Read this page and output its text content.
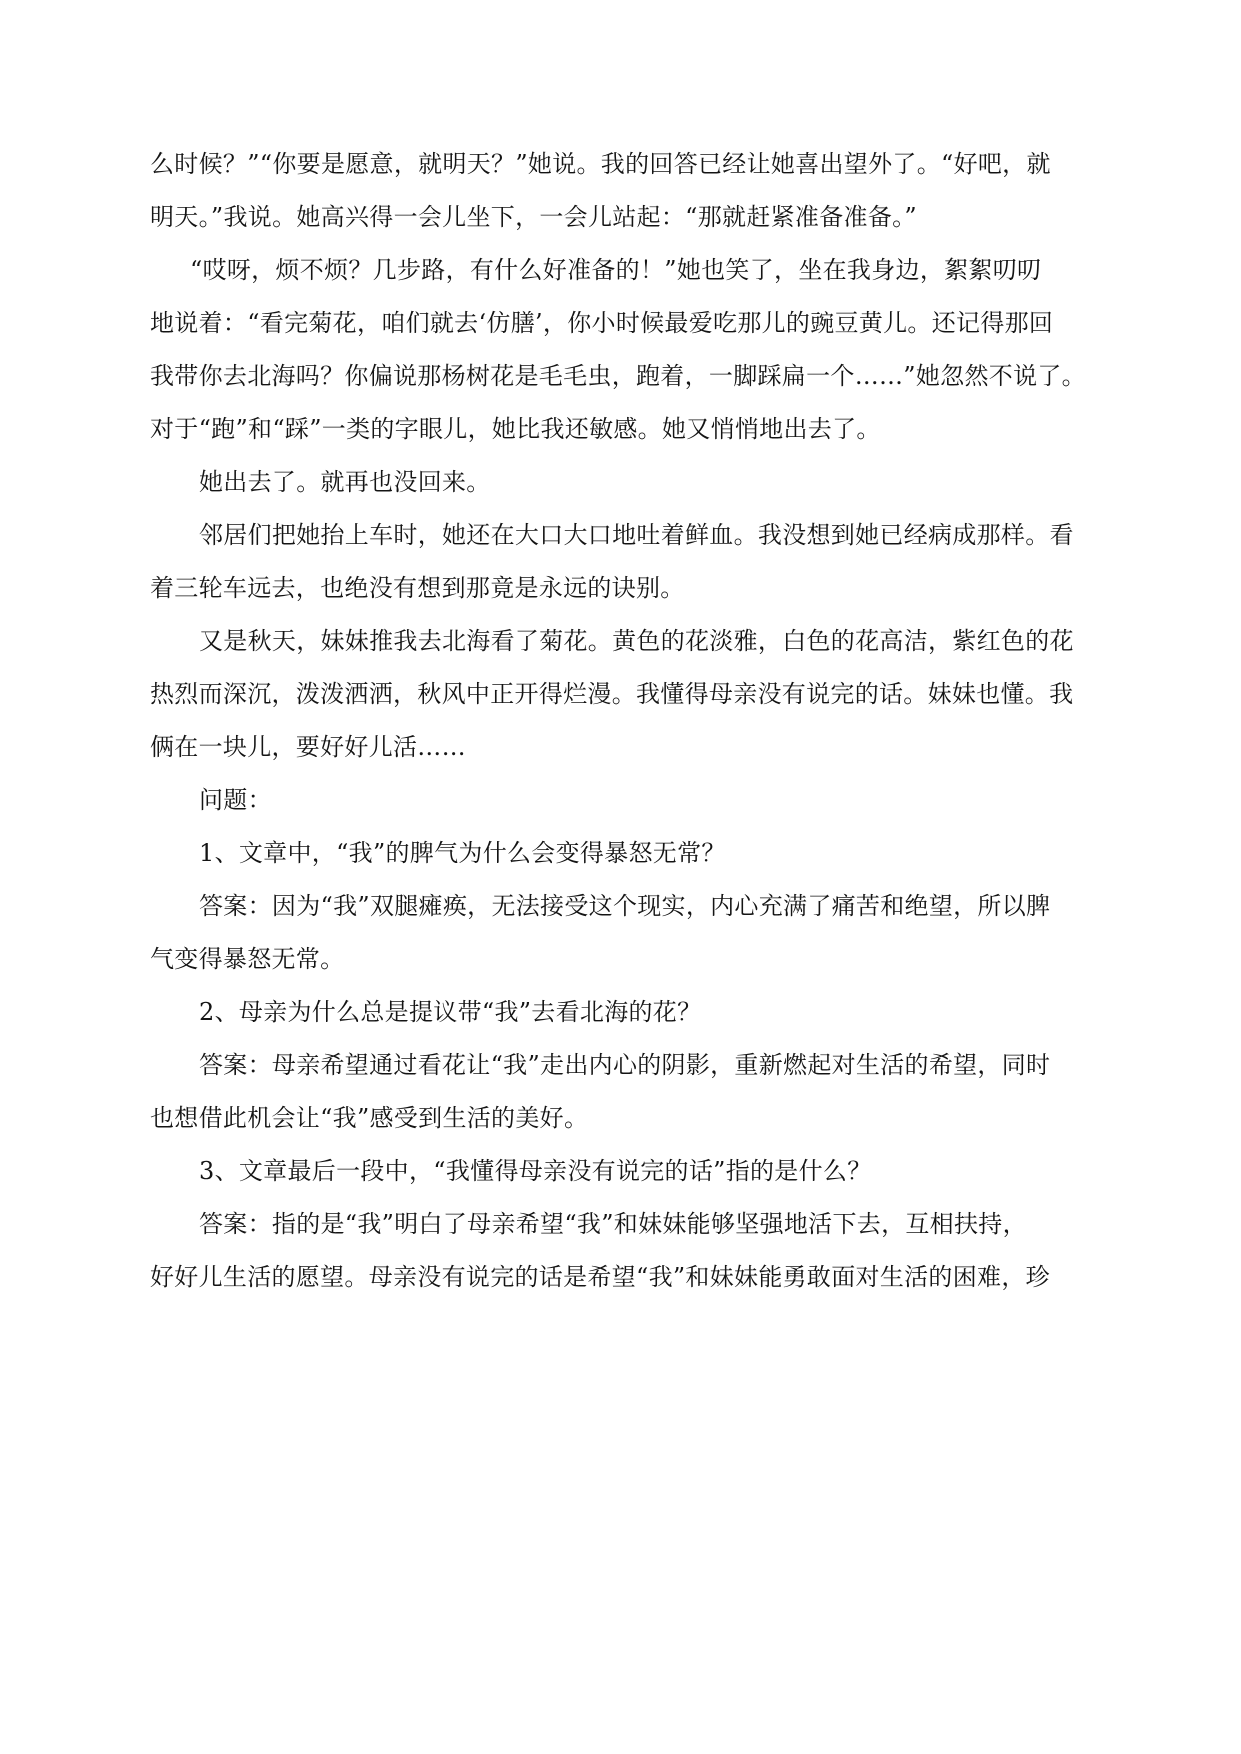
么时候？”“你要是愿意，就明天？”她说。我的回答已经让她喜出望外了。“好吧，就
明天。”我说。她高兴得一会儿坐下，一会儿站起：“那就赶紧准备准备。”
“哎呀，烦不烦？几步路，有什么好准备的！”她也笑了，坐在我身边，絮絮叨叨
地说着：“看完菊花，咱们就去‘仿膳’，你小时候最爱吃那儿的豌豆黄儿。还记得那回
我带你去北海吗？你偏说那杨树花是毛毛虫，跑着，一脚踩扁一个……”她忽然不说了。
对于“跑”和“踩”一类的字眼儿，她比我还敏感。她又悄悄地出去了。
她出去了。就再也没回来。
邻居们把她抬上车时，她还在大口大口地吐着鲜血。我没想到她已经病成那样。看
着三轮车远去，也绝没有想到那竟是永远的诀别。
又是秋天，妹妹推我去北海看了菊花。黄色的花淡雅，白色的花高洁，紫红色的花
热烈而深沉，泼泼洒洒，秋风中正开得烂漫。我懂得母亲没有说完的话。妹妹也懂。我
俩在一块儿，要好好儿活……
问题：
1、文章中，“我”的脾气为什么会变得暴怒无常？
答案：因为“我”双腿瘫痪，无法接受这个现实，内心充满了痛苦和绝望，所以脾
气变得暴怒无常。
2、母亲为什么总是提议带“我”去看北海的花？
答案：母亲希望通过看花让“我”走出内心的阴影，重新燃起对生活的希望，同时
也想借此机会让“我”感受到生活的美好。
3、文章最后一段中，“我懂得母亲没有说完的话”指的是什么？
答案：指的是“我”明白了母亲希望“我”和妹妹能够坚强地活下去，互相扶持，
好好儿生活的愿望。母亲没有说完的话是希望“我”和妹妹能勇敢面对生活的困难，珍
